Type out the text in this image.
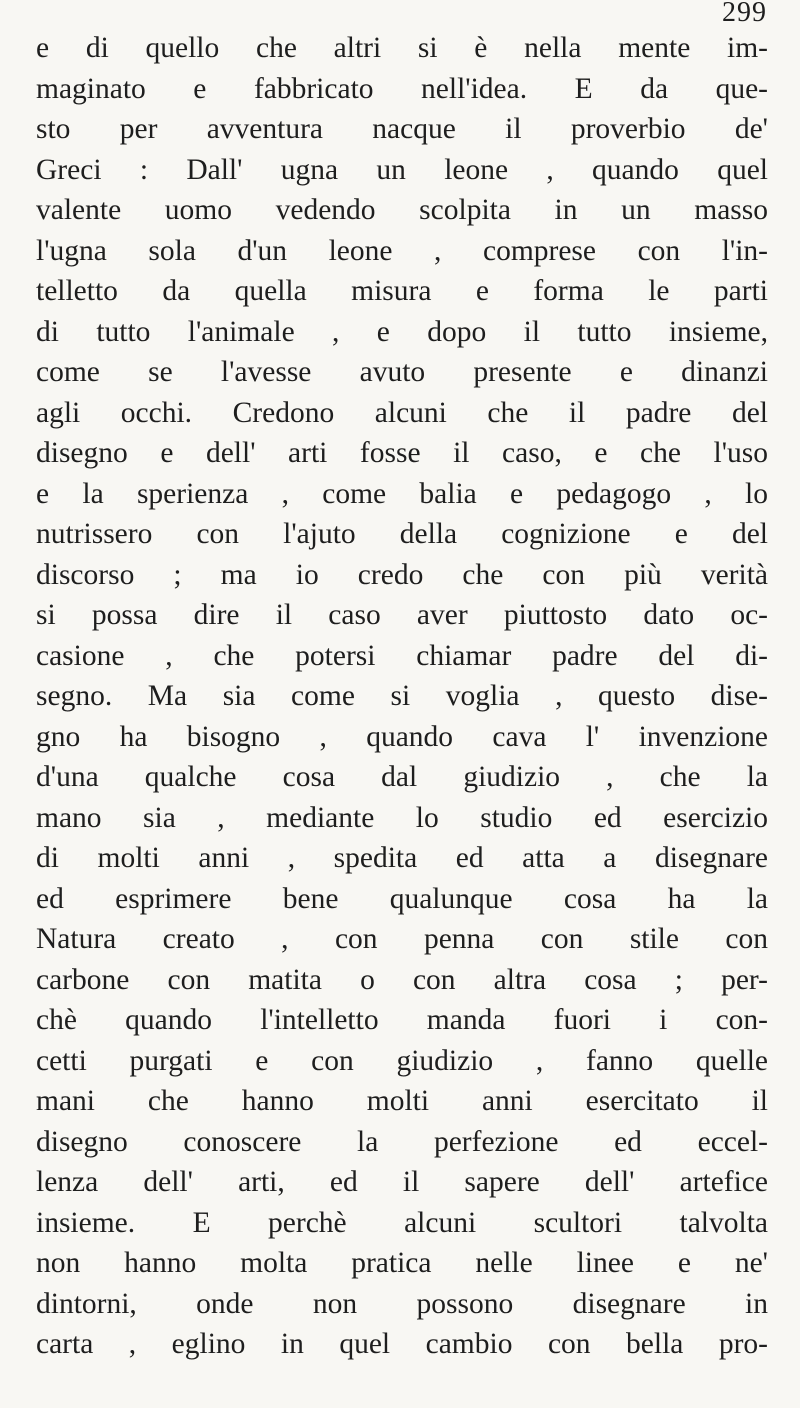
299
e di quello che altri si è nella mente im-
maginato e fabbricato nell'idea. E da que-
sto per avventura nacque il proverbio de'
Greci : Dall' ugna un leone , quando quel
valente uomo vedendo scolpita in un masso
l'ugna sola d'un leone , comprese con l'in-
telletto da quella misura e forma le parti
di tutto l'animale , e dopo il tutto insieme,
come se l'avesse avuto presente e dinanzi
agli occhi. Credono alcuni che il padre del
disegno e dell' arti fosse il caso, e che l'uso
e la sperienza , come balia e pedagogo , lo
nutrissero con l'ajuto della cognizione e del
discorso ; ma io credo che con più verità
si possa dire il caso aver piuttosto dato oc-
casione , che potersi chiamar padre del di-
segno. Ma sia come si voglia , questo dise-
gno ha bisogno , quando cava l' invenzione
d'una qualche cosa dal giudizio , che la
mano sia , mediante lo studio ed esercizio
di molti anni , spedita ed atta a disegnare
ed esprimere bene qualunque cosa ha la
Natura creato , con penna con stile con
carbone con matita o con altra cosa ; per-
chè quando l'intelletto manda fuori i con-
cetti purgati e con giudizio , fanno quelle
mani che hanno molti anni esercitato il
disegno conoscere la perfezione ed eccel-
lenza dell' arti, ed il sapere dell' artefice
insieme. E perchè alcuni scultori talvolta
non hanno molta pratica nelle linee e ne'
dintorni, onde non possono disegnare in
carta , eglino in quel cambio con bella pro-
